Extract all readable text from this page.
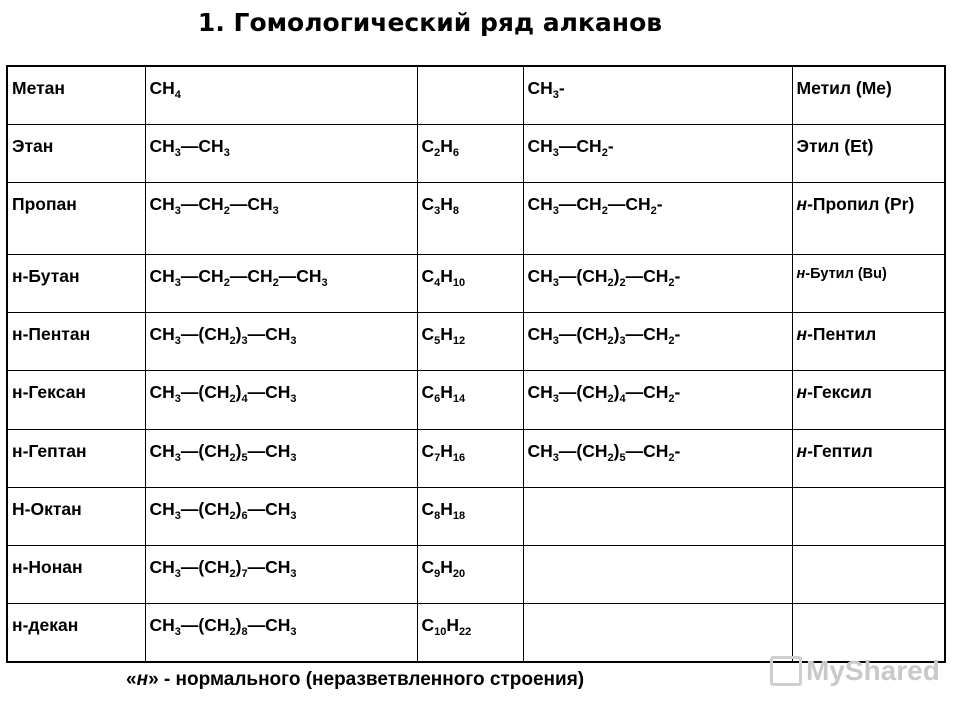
1. Гомологический ряд алканов
Метан	$CH_4$		$CH_3-$	Метил (Me)
Этан	$CH_3—CH_3$	$C_2H_6$	$CH_3—CH_2-$	Этил (Et)
Пропан	$CH_3—CH_2—CH_3$	$C_3H_8$	$CH_3—CH_2—CH_2-$	н-Пропил (Pr)
н-Бутан	$CH_3—CH_2—CH_2—CH_3$	$C_4H_{10}$	$CH_3—(CH_2)_2—CH_2-$	н-Бутил (Bu)
н-Пентан	$CH_3—(CH_2)_3—CH_3$	$C_5H_{12}$	$CH_3—(CH_2)_3—CH_2-$	н-Пентил
н-Гексан	$CH_3—(CH_2)_4—CH_3$	$C_6H_{14}$	$CH_3—(CH_2)_4—CH_2-$	н-Гексил
н-Гептан	$CH_3—(CH_2)_5—CH_3$	$C_7H_{16}$	$CH_3—(CH_2)_5—CH_2-$	н-Гептил
Н-Октан	$CH_3—(CH_2)_6—CH_3$	$C_8H_{18}$		
н-Нонан	$CH_3—(CH_2)_7—CH_3$	$C_9H_{20}$		
н-декан	$CH_3—(CH_2)_8—CH_3$	$C_{10}H_{22}$		
«н» - нормального (неразветвленного строения)	MyShared
